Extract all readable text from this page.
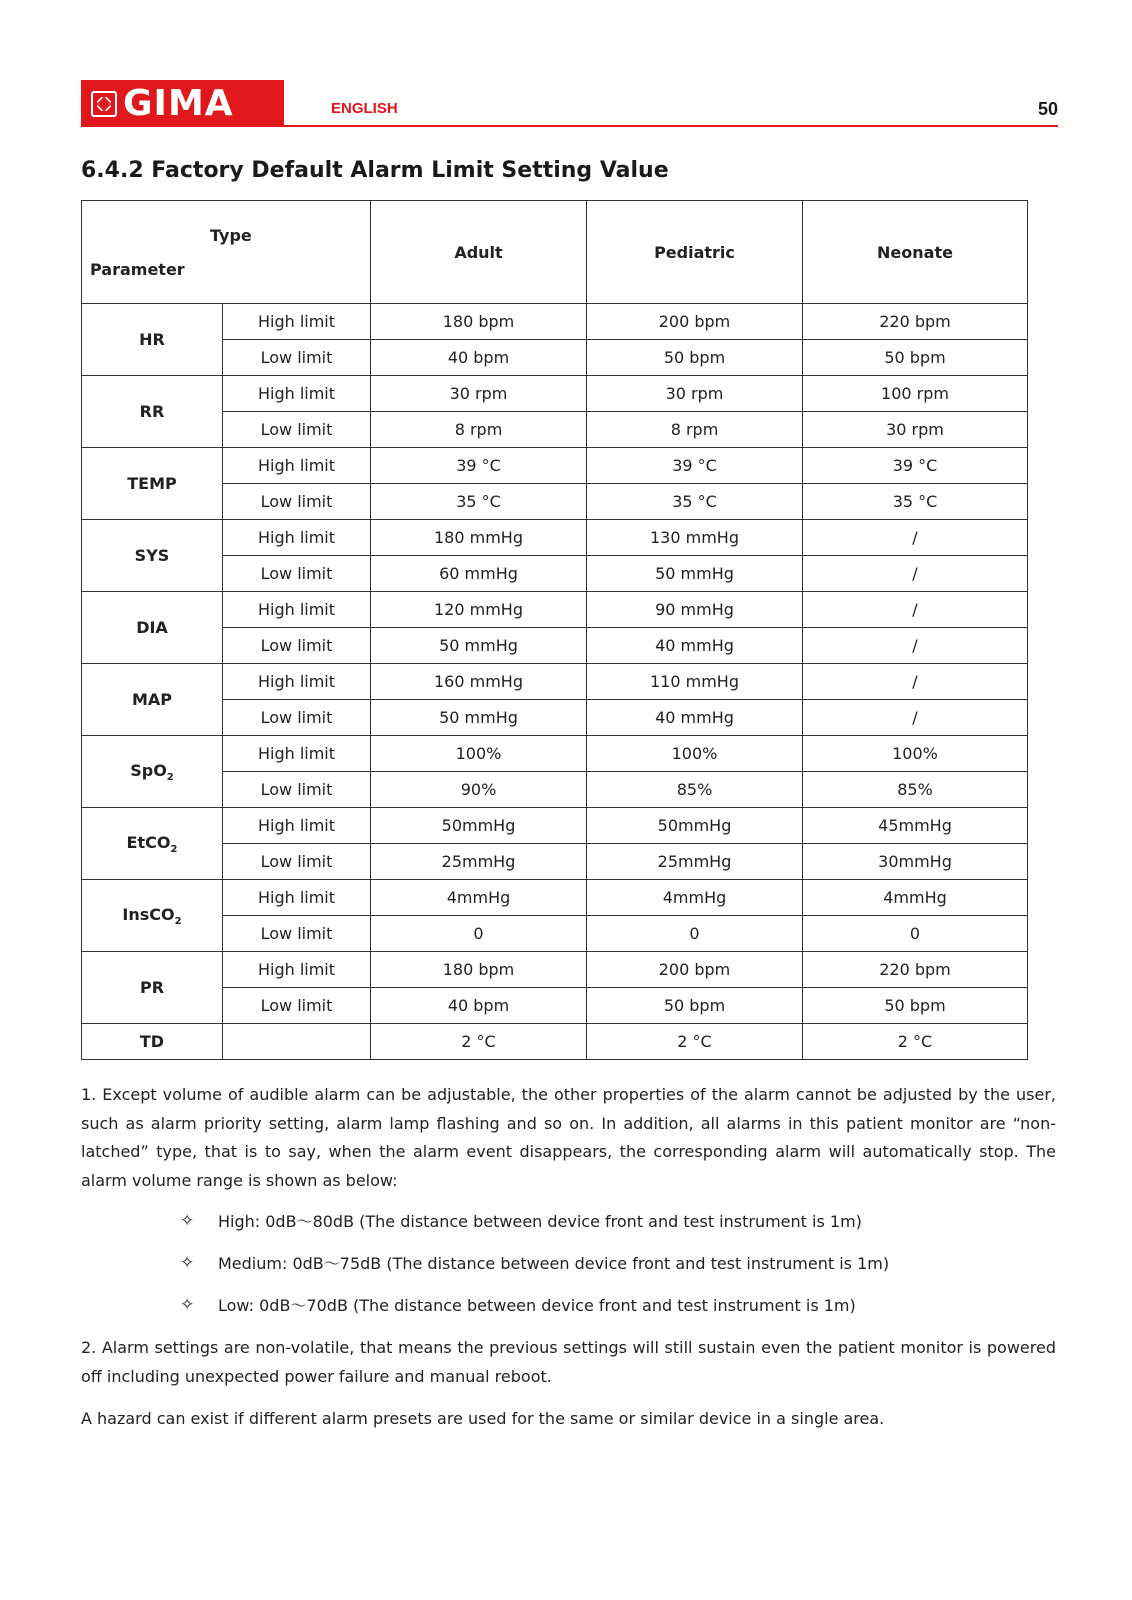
GIMA	ENGLISH	50
6.4.2 Factory Default Alarm Limit Setting Value
Type
Parameter		Adult	Pediatric	Neonate
HR	High limit	180 bpm	200 bpm	220 bpm
	Low limit	40 bpm	50 bpm	50 bpm
RR	High limit	30 rpm	30 rpm	100 rpm
	Low limit	8 rpm	8 rpm	30 rpm
TEMP	High limit	39 °C	39 °C	39 °C
	Low limit	35 °C	35 °C	35 °C
SYS	High limit	180 mmHg	130 mmHg	/
	Low limit	60 mmHg	50 mmHg	/
DIA	High limit	120 mmHg	90 mmHg	/
	Low limit	50 mmHg	40 mmHg	/
MAP	High limit	160 mmHg	110 mmHg	/
	Low limit	50 mmHg	40 mmHg	/
SpO$_2$	High limit	100%	100%	100%
	Low limit	90%	85%	85%
EtCO$_2$	High limit	50mmHg	50mmHg	45mmHg
	Low limit	25mmHg	25mmHg	30mmHg
InsCO$_2$	High limit	4mmHg	4mmHg	4mmHg
	Low limit	0	0	0
PR	High limit	180 bpm	200 bpm	220 bpm
	Low limit	40 bpm	50 bpm	50 bpm
TD		2 °C	2 °C	2 °C

1. Except volume of audible alarm can be adjustable, the other properties of the alarm cannot be adjusted by the user, such as alarm priority setting, alarm lamp flashing and so on. In addition, all alarms in this patient monitor are “non-latched” type, that is to say, when the alarm event disappears, the corresponding alarm will automatically stop. The alarm volume range is shown as below:

✧	High: 0dB～80dB (The distance between device front and test instrument is 1m)
✧	Medium: 0dB～75dB (The distance between device front and test instrument is 1m)
✧	Low: 0dB～70dB (The distance between device front and test instrument is 1m)

2. Alarm settings are non-volatile, that means the previous settings will still sustain even the patient monitor is powered off including unexpected power failure and manual reboot.

A hazard can exist if different alarm presets are used for the same or similar device in a single area.
